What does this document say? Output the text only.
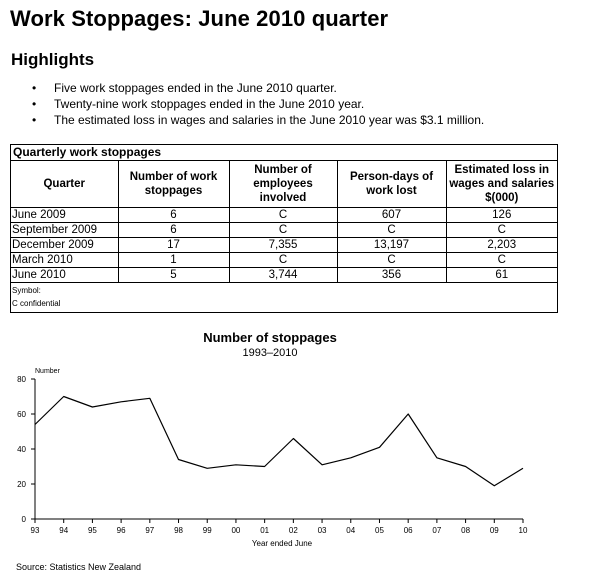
Work Stoppages: June 2010 quarter
Highlights
• Five work stoppages ended in the June 2010 quarter.
• Twenty-nine work stoppages ended in the June 2010 year.
• The estimated loss in wages and salaries in the June 2010 year was $3.1 million.
Quarterly work stoppages
Quarter	Number of work stoppages	Number of employees involved	Person-days of work lost	Estimated loss in wages and salaries $(000)
June 2009	6	C	607	126
September 2009	6	C	C	C
December 2009	17	7,355	13,197	2,203
March 2010	1	C	C	C
June 2010	5	3,744	356	61
Symbol:
C confidential
Number of stoppages
1993–2010
0
20
40
60
80
93 94 95 96 97 98 99 00 01 02 03 04 05 06 07 08 09 10
Number
Year ended June
Source: Statistics New Zealand
